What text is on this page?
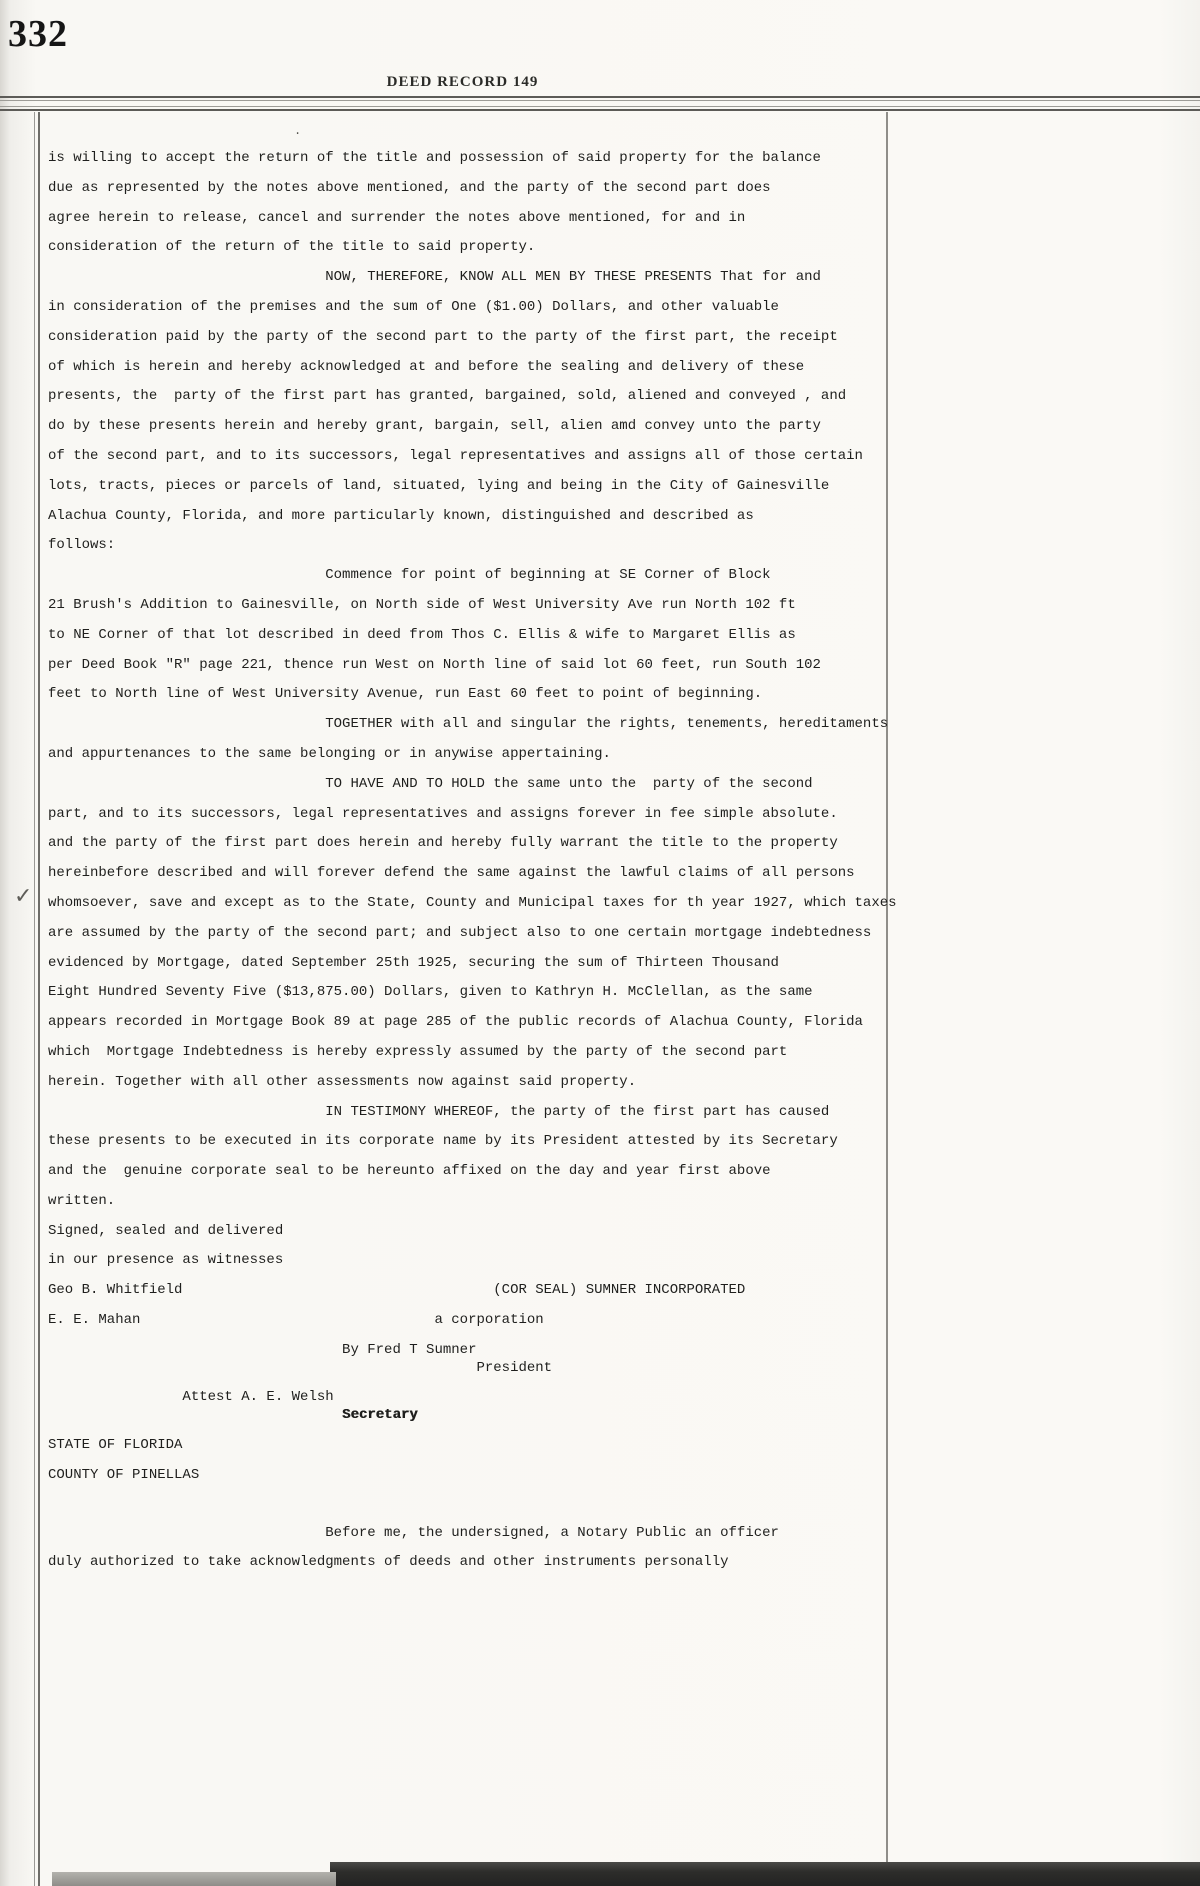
332
DEED RECORD 149
.
✓
is willing to accept the return of the title and possession of said property for the balance
due as represented by the notes above mentioned, and the party of the second part does
agree herein to release, cancel and surrender the notes above mentioned, for and in
consideration of the return of the title to said property.
NOW, THEREFORE, KNOW ALL MEN BY THESE PRESENTS That for and
in consideration of the premises and the sum of One ($1.00) Dollars, and other valuable
consideration paid by the party of the second part to the party of the first part, the receipt
of which is herein and hereby acknowledged at and before the sealing and delivery of these
presents, the  party of the first part has granted, bargained, sold, aliened and conveyed , and
do by these presents herein and hereby grant, bargain, sell, alien amd convey unto the party
of the second part, and to its successors, legal representatives and assigns all of those certain
lots, tracts, pieces or parcels of land, situated, lying and being in the City of Gainesville
Alachua County, Florida, and more particularly known, distinguished and described as
follows:
Commence for point of beginning at SE Corner of Block
21 Brush's Addition to Gainesville, on North side of West University Ave run North 102 ft
to NE Corner of that lot described in deed from Thos C. Ellis & wife to Margaret Ellis as
per Deed Book "R" page 221, thence run West on North line of said lot 60 feet, run South 102
feet to North line of West University Avenue, run East 60 feet to point of beginning.
TOGETHER with all and singular the rights, tenements, hereditaments
and appurtenances to the same belonging or in anywise appertaining.
TO HAVE AND TO HOLD the same unto the  party of the second
part, and to its successors, legal representatives and assigns forever in fee simple absolute.
and the party of the first part does herein and hereby fully warrant the title to the property
hereinbefore described and will forever defend the same against the lawful claims of all persons
whomsoever, save and except as to the State, County and Municipal taxes for th year 1927, which taxes
are assumed by the party of the second part; and subject also to one certain mortgage indebtedness
evidenced by Mortgage, dated September 25th 1925, securing the sum of Thirteen Thousand
Eight Hundred Seventy Five ($13,875.00) Dollars, given to Kathryn H. McClellan, as the same
appears recorded in Mortgage Book 89 at page 285 of the public records of Alachua County, Florida
which  Mortgage Indebtedness is hereby expressly assumed by the party of the second part
herein. Together with all other assessments now against said property.
IN TESTIMONY WHEREOF, the party of the first part has caused
these presents to be executed in its corporate name by its President attested by its Secretary
and the  genuine corporate seal to be hereunto affixed on the day and year first above
written.
Signed, sealed and delivered
in our presence as witnesses
Geo B. Whitfield                                     (COR SEAL) SUMNER INCORPORATED
E. E. Mahan                                   a corporation
By Fred T Sumner
President
Attest A. E. Welsh
Secretary
STATE OF FLORIDA
COUNTY OF PINELLAS
Before me, the undersigned, a Notary Public an officer
duly authorized to take acknowledgments of deeds and other instruments personally
